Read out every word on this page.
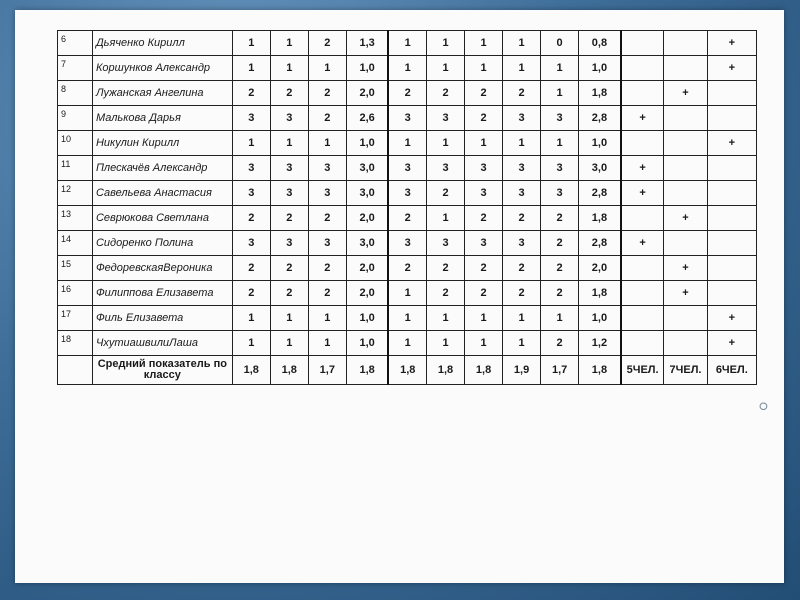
6	Дьяченко Кирилл	1	1	2	1,3	1	1	1	1	0	0,8			+
7	Коршунков Александр	1	1	1	1,0	1	1	1	1	1	1,0			+
8	Лужанская Ангелина	2	2	2	2,0	2	2	2	2	1	1,8		+	
9	Малькова Дарья	3	3	2	2,6	3	3	2	3	3	2,8	+		
10	Никулин Кирилл	1	1	1	1,0	1	1	1	1	1	1,0			+
11	Плескачёв Александр	3	3	3	3,0	3	3	3	3	3	3,0	+		
12	Савельева Анастасия	3	3	3	3,0	3	2	3	3	3	2,8	+		
13	Севрюкова Светлана	2	2	2	2,0	2	1	2	2	2	1,8		+	
14	Сидоренко Полина	3	3	3	3,0	3	3	3	3	2	2,8	+		
15	ФедоревскаяВероника	2	2	2	2,0	2	2	2	2	2	2,0		+	
16	Филиппова Елизавета	2	2	2	2,0	1	2	2	2	2	1,8		+	
17	Филь Елизавета	1	1	1	1,0	1	1	1	1	1	1,0			+
18	ЧхутиашвилиЛаша	1	1	1	1,0	1	1	1	1	2	1,2			+
	Средний показатель по классу	1,8	1,8	1,7	1,8	1,8	1,8	1,8	1,9	1,7	1,8	5ЧЕЛ.	7ЧЕЛ.	6ЧЕЛ.
ⵔ
